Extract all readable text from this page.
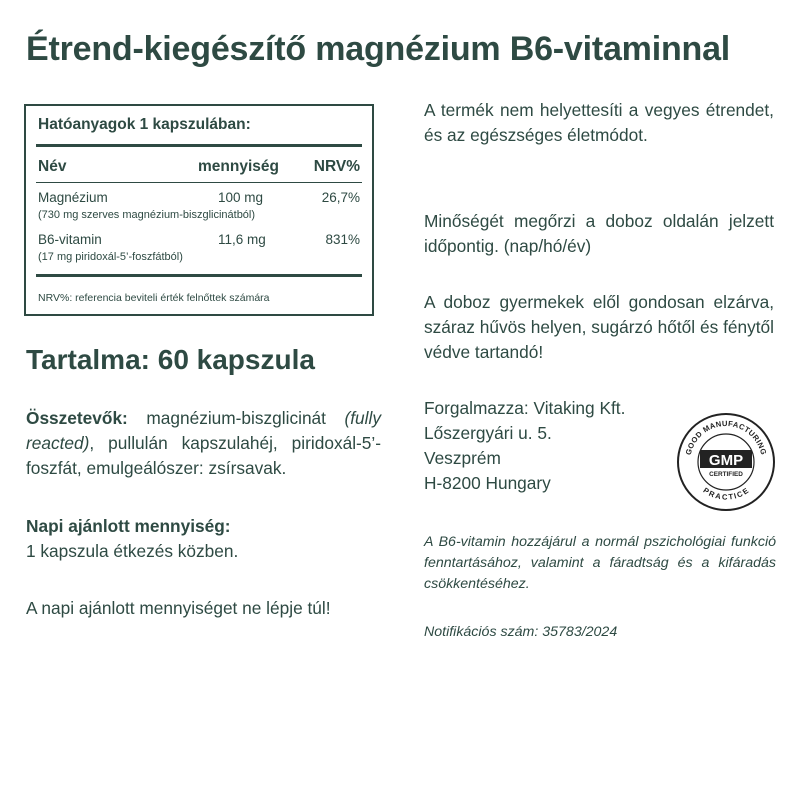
Étrend-kiegészítő magnézium B6-vitaminnal
Hatóanyagok 1 kapszulában:
Név	mennyiség NRV%
Magnézium	100 mg	26,7%
(730 mg szerves magnézium-biszglicinátból)
B6-vitamin	11,6 mg	831%
(17 mg piridoxál-5’-foszfátból)
NRV%: referencia beviteli érték felnőttek számára
Tartalma: 60 kapszula
Összetevők: magnézium-biszglicinát (fully reacted), pullulán kapszulahéj, piridoxál-5’-foszfát, emulgeálószer: zsírsavak.
Napi ajánlott mennyiség:
1 kapszula étkezés közben.
A napi ajánlott mennyiséget ne lépje túl!
A termék nem helyettesíti a vegyes étrendet, és az egészséges életmódot.
Minőségét megőrzi a doboz oldalán jelzett időpontig. (nap/hó/év)
A doboz gyermekek elől gondosan elzárva, száraz hűvös helyen, sugárzó hőtől és fénytől védve tartandó!
Forgalmazza: Vitaking Kft.
Lőszergyári u. 5.
Veszprém
H-8200 Hungary
GOOD MANUFACTURING
PRACTICE
GMP
CERTIFIED
A B6-vitamin hozzájárul a normál pszichológiai funkció fenntartásához, valamint a fáradtság és a kifáradás csökkentéséhez.
Notifikációs szám: 35783/2024
